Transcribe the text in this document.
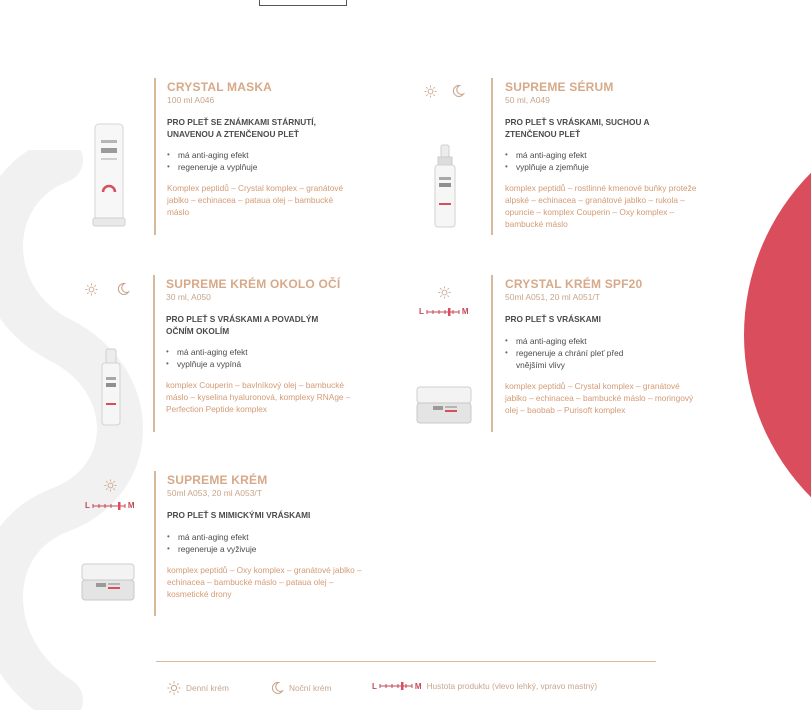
CRYSTAL MASKA
100 ml A046
PRO PLEŤ SE ZNÁMKAMI STÁRNUTÍ, UNAVENOU A ZTENČENOU PLEŤ
• má anti-aging efekt
• regeneruje a vyplňuje
Komplex peptidů – Crystal komplex – granátové jablko – echinacea – pataua olej – bambucké máslo
SUPREME SÉRUM
50 ml, A049
PRO PLEŤ S VRÁSKAMI, SUCHOU A ZTENČENOU PLEŤ
• má anti-aging efekt
• vyplňuje a zjemňuje
komplex peptidů – rostlinné kmenové buňky proteže alpské – echinacea – granátové jablko – rukola – opuncie – komplex Couperin – Oxy komplex – bambucké máslo
SUPREME KRÉM OKOLO OČÍ
30 ml, A050
PRO PLEŤ S VRÁSKAMI A POVADLÝM OČNÍM OKOLÍM
• má anti-aging efekt
• vyplňuje a vypíná
komplex Couperin – bavlníkový olej – bambucké máslo – kyselina hyaluronová, komplexy RNAge – Perfection Peptide komplex
L	M
CRYSTAL KRÉM SPF20
50ml A051, 20 ml A051/T
PRO PLEŤ S VRÁSKAMI
• má anti-aging efekt
• regeneruje a chrání pleť před vnějšími vlivy
komplex peptidů – Crystal komplex – granátové jablko – echinacea – bambucké máslo – moringový olej – baobab – Purisoft komplex
L	M
SUPREME KRÉM
50ml A053, 20 ml A053/T
PRO PLEŤ S MIMICKÝMI VRÁSKAMI
• má anti-aging efekt
• regeneruje a vyživuje
komplex peptidů – Oxy komplex – granátové jablko – echinacea – bambucké máslo – pataua olej – kosmetické drony
Denní krém	Noční krém	L	M Hustota produktu (vlevo lehký, vpravo mastný)
